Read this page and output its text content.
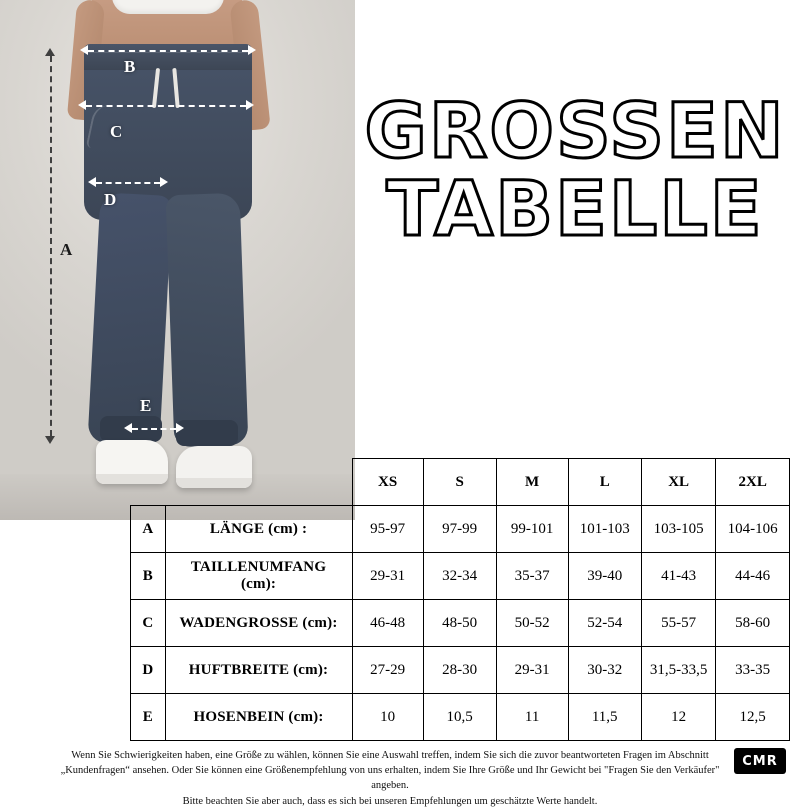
A
B
C
D
E
GROSSEN
TABELLE
		XS	S	M	L	XL	2XL
A	LÄNGE (cm) :	95-97	97-99	99-101	101-103	103-105	104-106
B	TAILLENUMFANG (cm):	29-31	32-34	35-37	39-40	41-43	44-46
C	WADENGROSSE (cm):	46-48	48-50	50-52	52-54	55-57	58-60
D	HUFTBREITE (cm):	27-29	28-30	29-31	30-32	31,5-33,5	33-35
E	HOSENBEIN (cm):	10	10,5	11	11,5	12	12,5
Wenn Sie Schwierigkeiten haben, eine Größe zu wählen, können Sie eine Auswahl treffen, indem Sie sich die zuvor beantworteten Fragen im Abschnitt
„Kundenfragen“ ansehen. Oder Sie können eine Größenempfehlung von uns erhalten, indem Sie Ihre Größe und Ihr Gewicht bei "Fragen Sie den Verkäufer" angeben.
Bitte beachten Sie aber auch, dass es sich bei unseren Empfehlungen um geschätzte Werte handelt.
CMR
